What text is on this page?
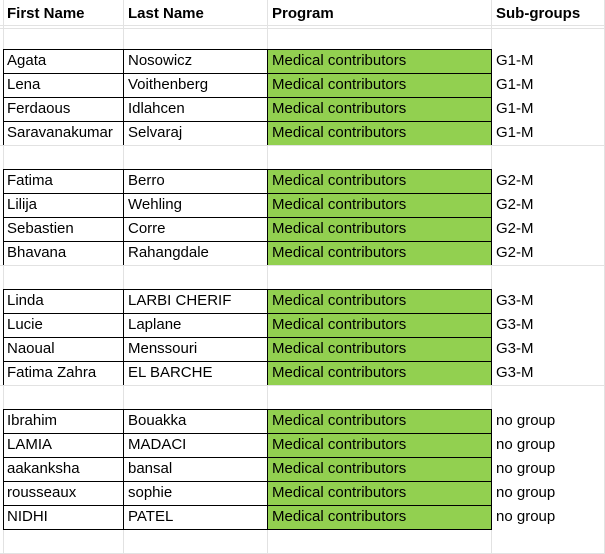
First Name	Last Name	Program	Sub-groups
Agata	Nosowicz	Medical contributors	G1-M
Lena	Voithenberg	Medical contributors	G1-M
Ferdaous	Idlahcen	Medical contributors	G1-M
Saravanakumar	Selvaraj	Medical contributors	G1-M
Fatima	Berro	Medical contributors	G2-M
Lilija	Wehling	Medical contributors	G2-M
Sebastien	Corre	Medical contributors	G2-M
Bhavana	Rahangdale	Medical contributors	G2-M
Linda	LARBI CHERIF	Medical contributors	G3-M
Lucie	Laplane	Medical contributors	G3-M
Naoual	Menssouri	Medical contributors	G3-M
Fatima Zahra	EL BARCHE	Medical contributors	G3-M
Ibrahim	Bouakka	Medical contributors	no group
LAMIA	MADACI	Medical contributors	no group
aakanksha	bansal	Medical contributors	no group
rousseaux	sophie	Medical contributors	no group
NIDHI	PATEL	Medical contributors	no group
